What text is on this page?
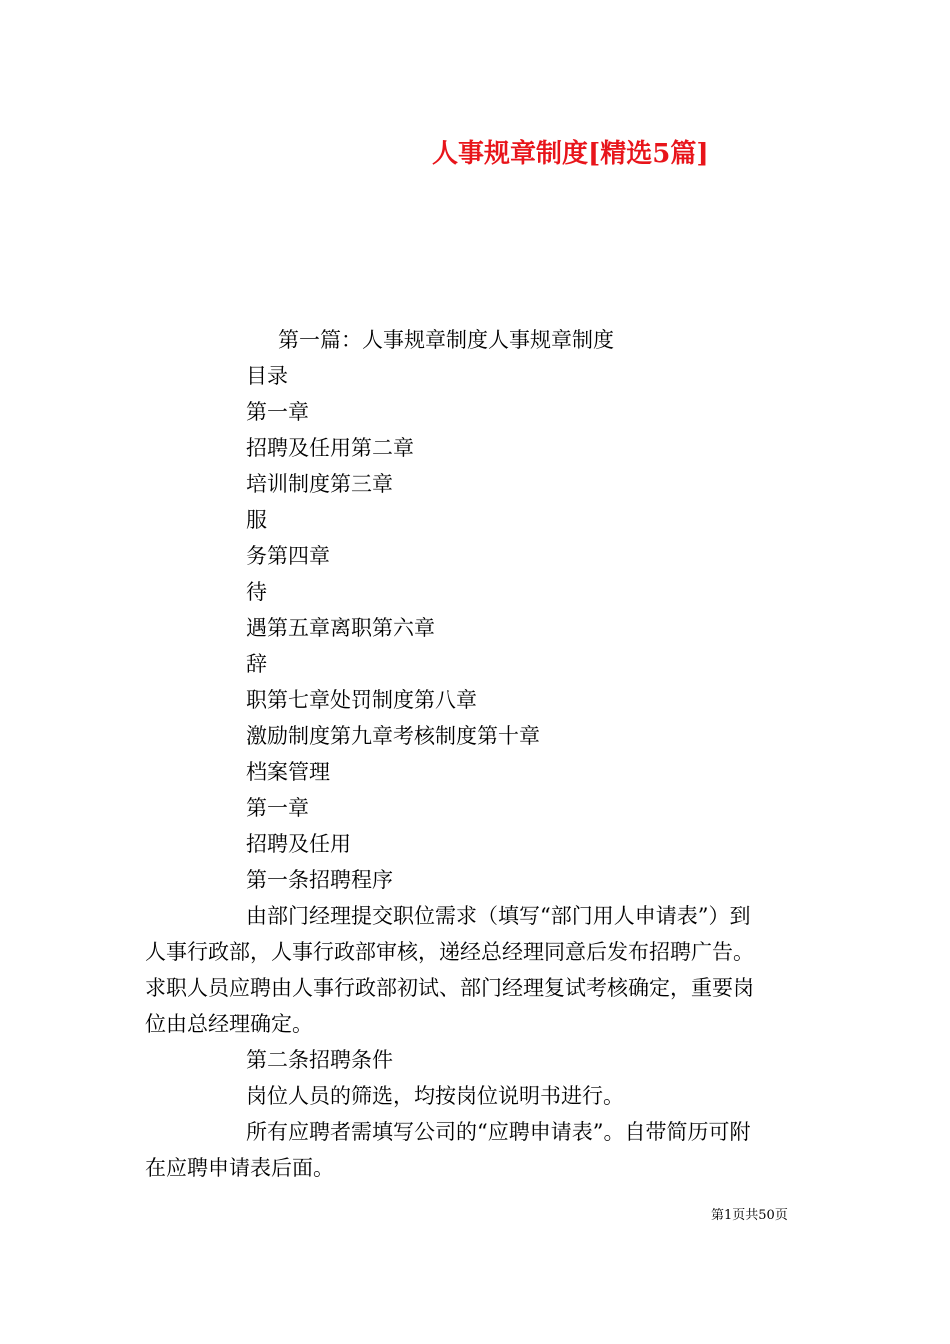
人事规章制度[精选5篇]
第一篇：人事规章制度人事规章制度
目录
第一章
招聘及任用第二章
培训制度第三章
服
务第四章
待
遇第五章离职第六章
辞
职第七章处罚制度第八章
激励制度第九章考核制度第十章
档案管理
第一章
招聘及任用
第一条招聘程序
由部门经理提交职位需求（填写“部门用人申请表”）到
人事行政部，人事行政部审核，递经总经理同意后发布招聘广告。
求职人员应聘由人事行政部初试、部门经理复试考核确定，重要岗
位由总经理确定。
第二条招聘条件
岗位人员的筛选，均按岗位说明书进行。
所有应聘者需填写公司的“应聘申请表”。自带简历可附
在应聘申请表后面。
第1页共50页
